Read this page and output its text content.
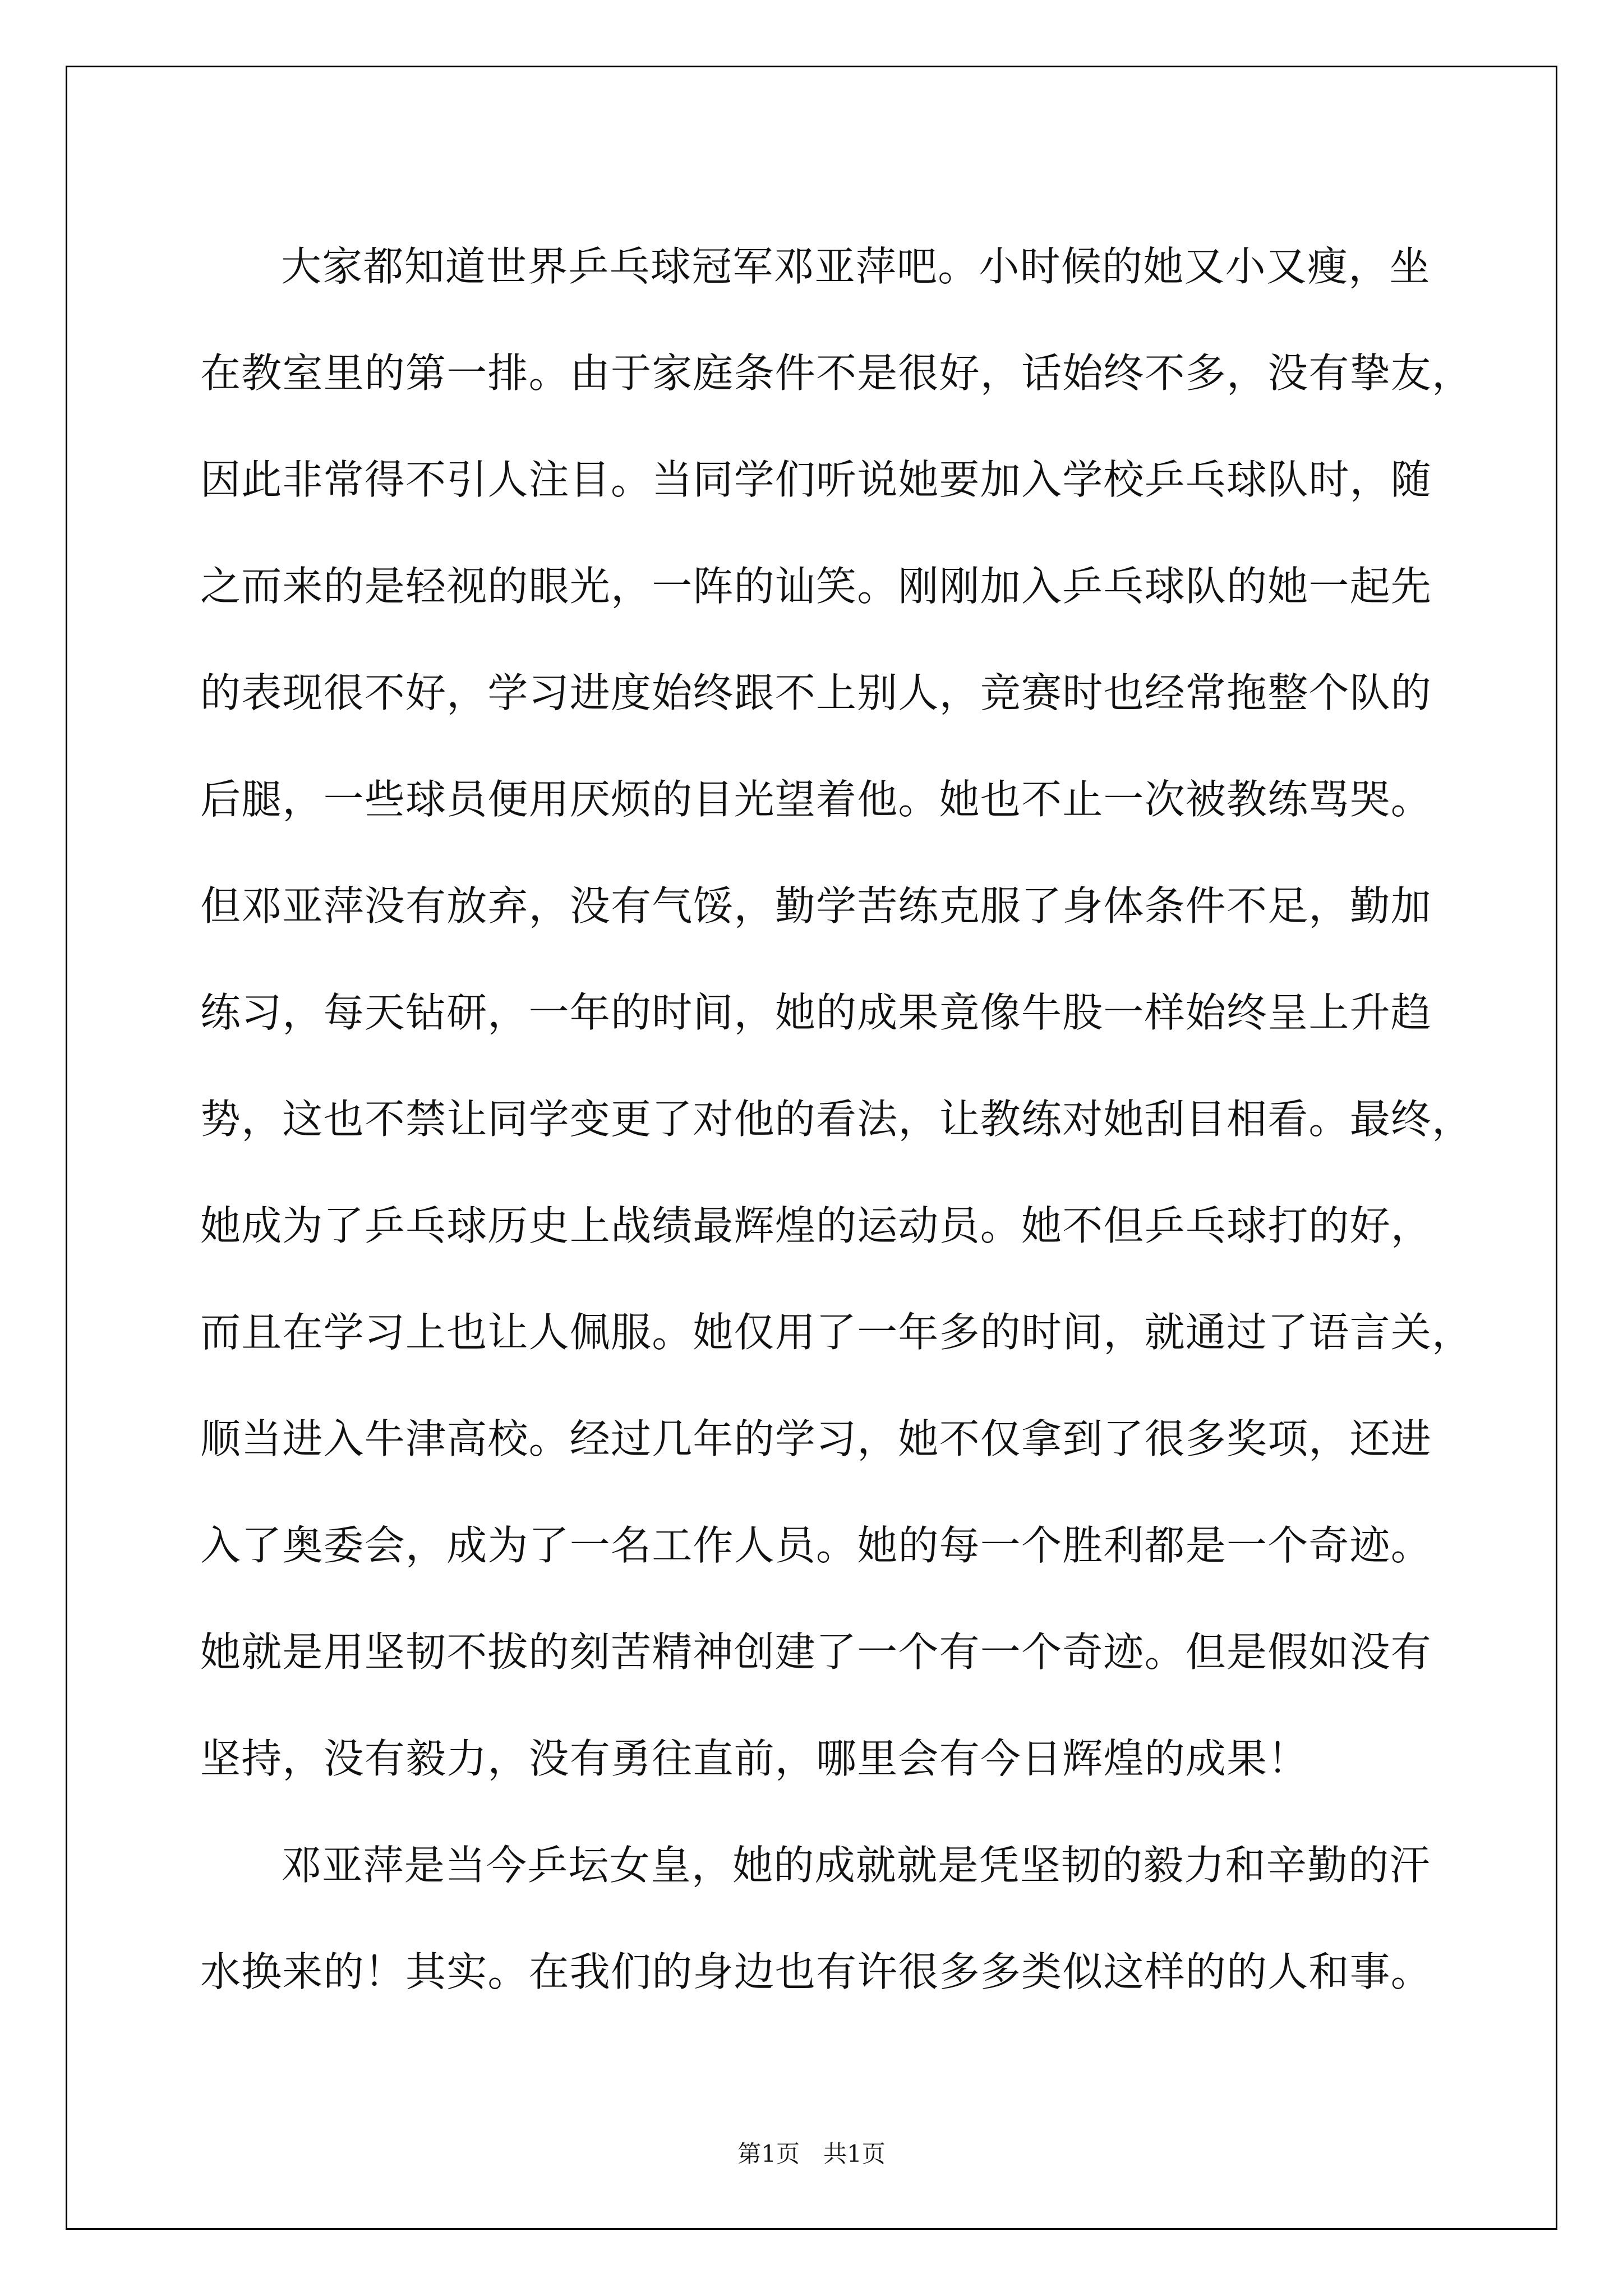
大家都知道世界乒乓球冠军邓亚萍吧。小时候的她又小又瘦，坐
在教室里的第一排。由于家庭条件不是很好，话始终不多，没有挚友，
因此非常得不引人注目。当同学们听说她要加入学校乒乓球队时，随
之而来的是轻视的眼光，一阵的讪笑。刚刚加入乒乓球队的她一起先
的表现很不好，学习进度始终跟不上别人，竞赛时也经常拖整个队的
后腿，一些球员便用厌烦的目光望着他。她也不止一次被教练骂哭。
但邓亚萍没有放弃，没有气馁，勤学苦练克服了身体条件不足，勤加
练习，每天钻研，一年的时间，她的成果竟像牛股一样始终呈上升趋
势，这也不禁让同学变更了对他的看法，让教练对她刮目相看。最终，
她成为了乒乓球历史上战绩最辉煌的运动员。她不但乒乓球打的好，
而且在学习上也让人佩服。她仅用了一年多的时间，就通过了语言关，
顺当进入牛津高校。经过几年的学习，她不仅拿到了很多奖项，还进
入了奥委会，成为了一名工作人员。她的每一个胜利都是一个奇迹。
她就是用坚韧不拔的刻苦精神创建了一个有一个奇迹。但是假如没有
坚持，没有毅力，没有勇往直前，哪里会有今日辉煌的成果！
邓亚萍是当今乒坛女皇，她的成就就是凭坚韧的毅力和辛勤的汗
水换来的！其实。在我们的身边也有许很多多类似这样的的人和事。
第1页　共1页
